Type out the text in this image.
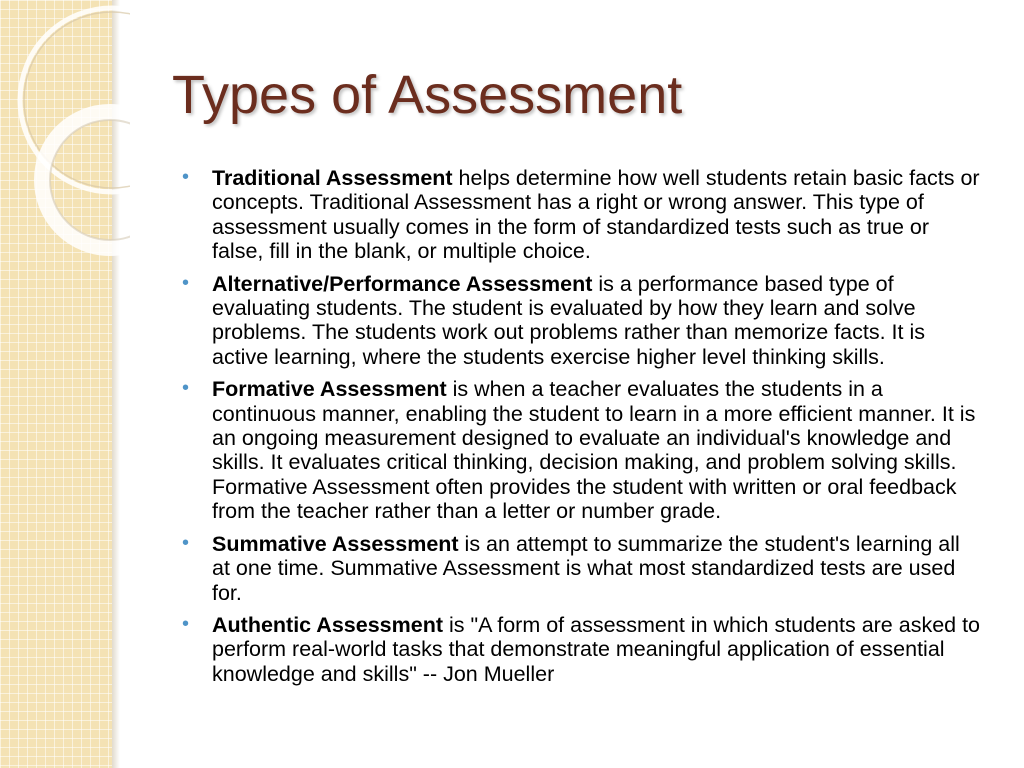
Types of Assessment
• Traditional Assessment helps determine how well students retain basic facts or concepts. Traditional Assessment has a right or wrong answer. This type of assessment usually comes in the form of standardized tests such as true or false, fill in the blank, or multiple choice.
• Alternative/Performance Assessment is a performance based type of evaluating students. The student is evaluated by how they learn and solve problems. The students work out problems rather than memorize facts. It is active learning, where the students exercise higher level thinking skills.
• Formative Assessment is when a teacher evaluates the students in a continuous manner, enabling the student to learn in a more efficient manner. It is an ongoing measurement designed to evaluate an individual's knowledge and skills. It evaluates critical thinking, decision making, and problem solving skills. Formative Assessment often provides the student with written or oral feedback from the teacher rather than a letter or number grade.
• Summative Assessment is an attempt to summarize the student's learning all at one time. Summative Assessment is what most standardized tests are used for.
• Authentic Assessment is "A form of assessment in which students are asked to perform real-world tasks that demonstrate meaningful application of essential knowledge and skills" -- Jon Mueller
